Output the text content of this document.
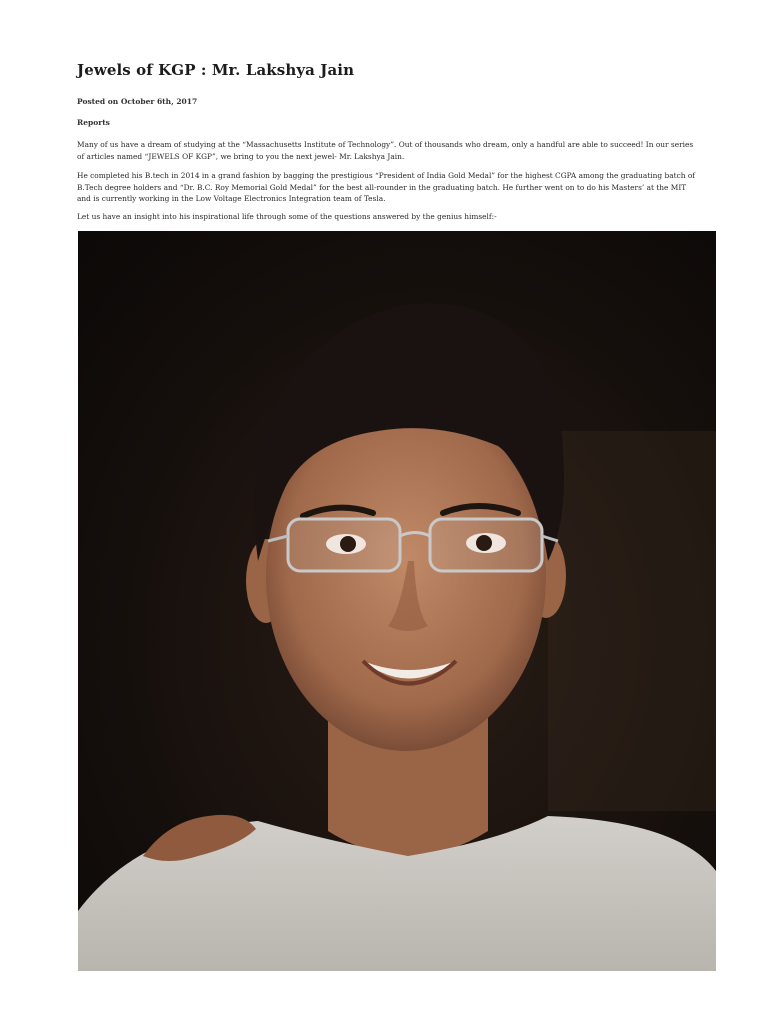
Jewels of KGP : Mr. Lakshya Jain
Posted on October 6th, 2017
Reports

Many of us have a dream of studying at the “Massachusetts Institute of Technology”. Out of thousands who dream, only a handful are able to succeed! In our series of articles named “JEWELS OF KGP”, we bring to you the next jewel- Mr. Lakshya Jain.

He completed his B.tech in 2014 in a grand fashion by bagging the prestigious “President of India Gold Medal” for the highest CGPA among the graduating batch of B.Tech degree holders and “Dr. B.C. Roy Memorial Gold Medal” for the best all-rounder in the graduating batch. He further went on to do his Masters’ at the MIT and is currently working in the Low Voltage Electronics Integration team of Tesla.

Let us have an insight into his inspirational life through some of the questions answered by the genius himself:-
